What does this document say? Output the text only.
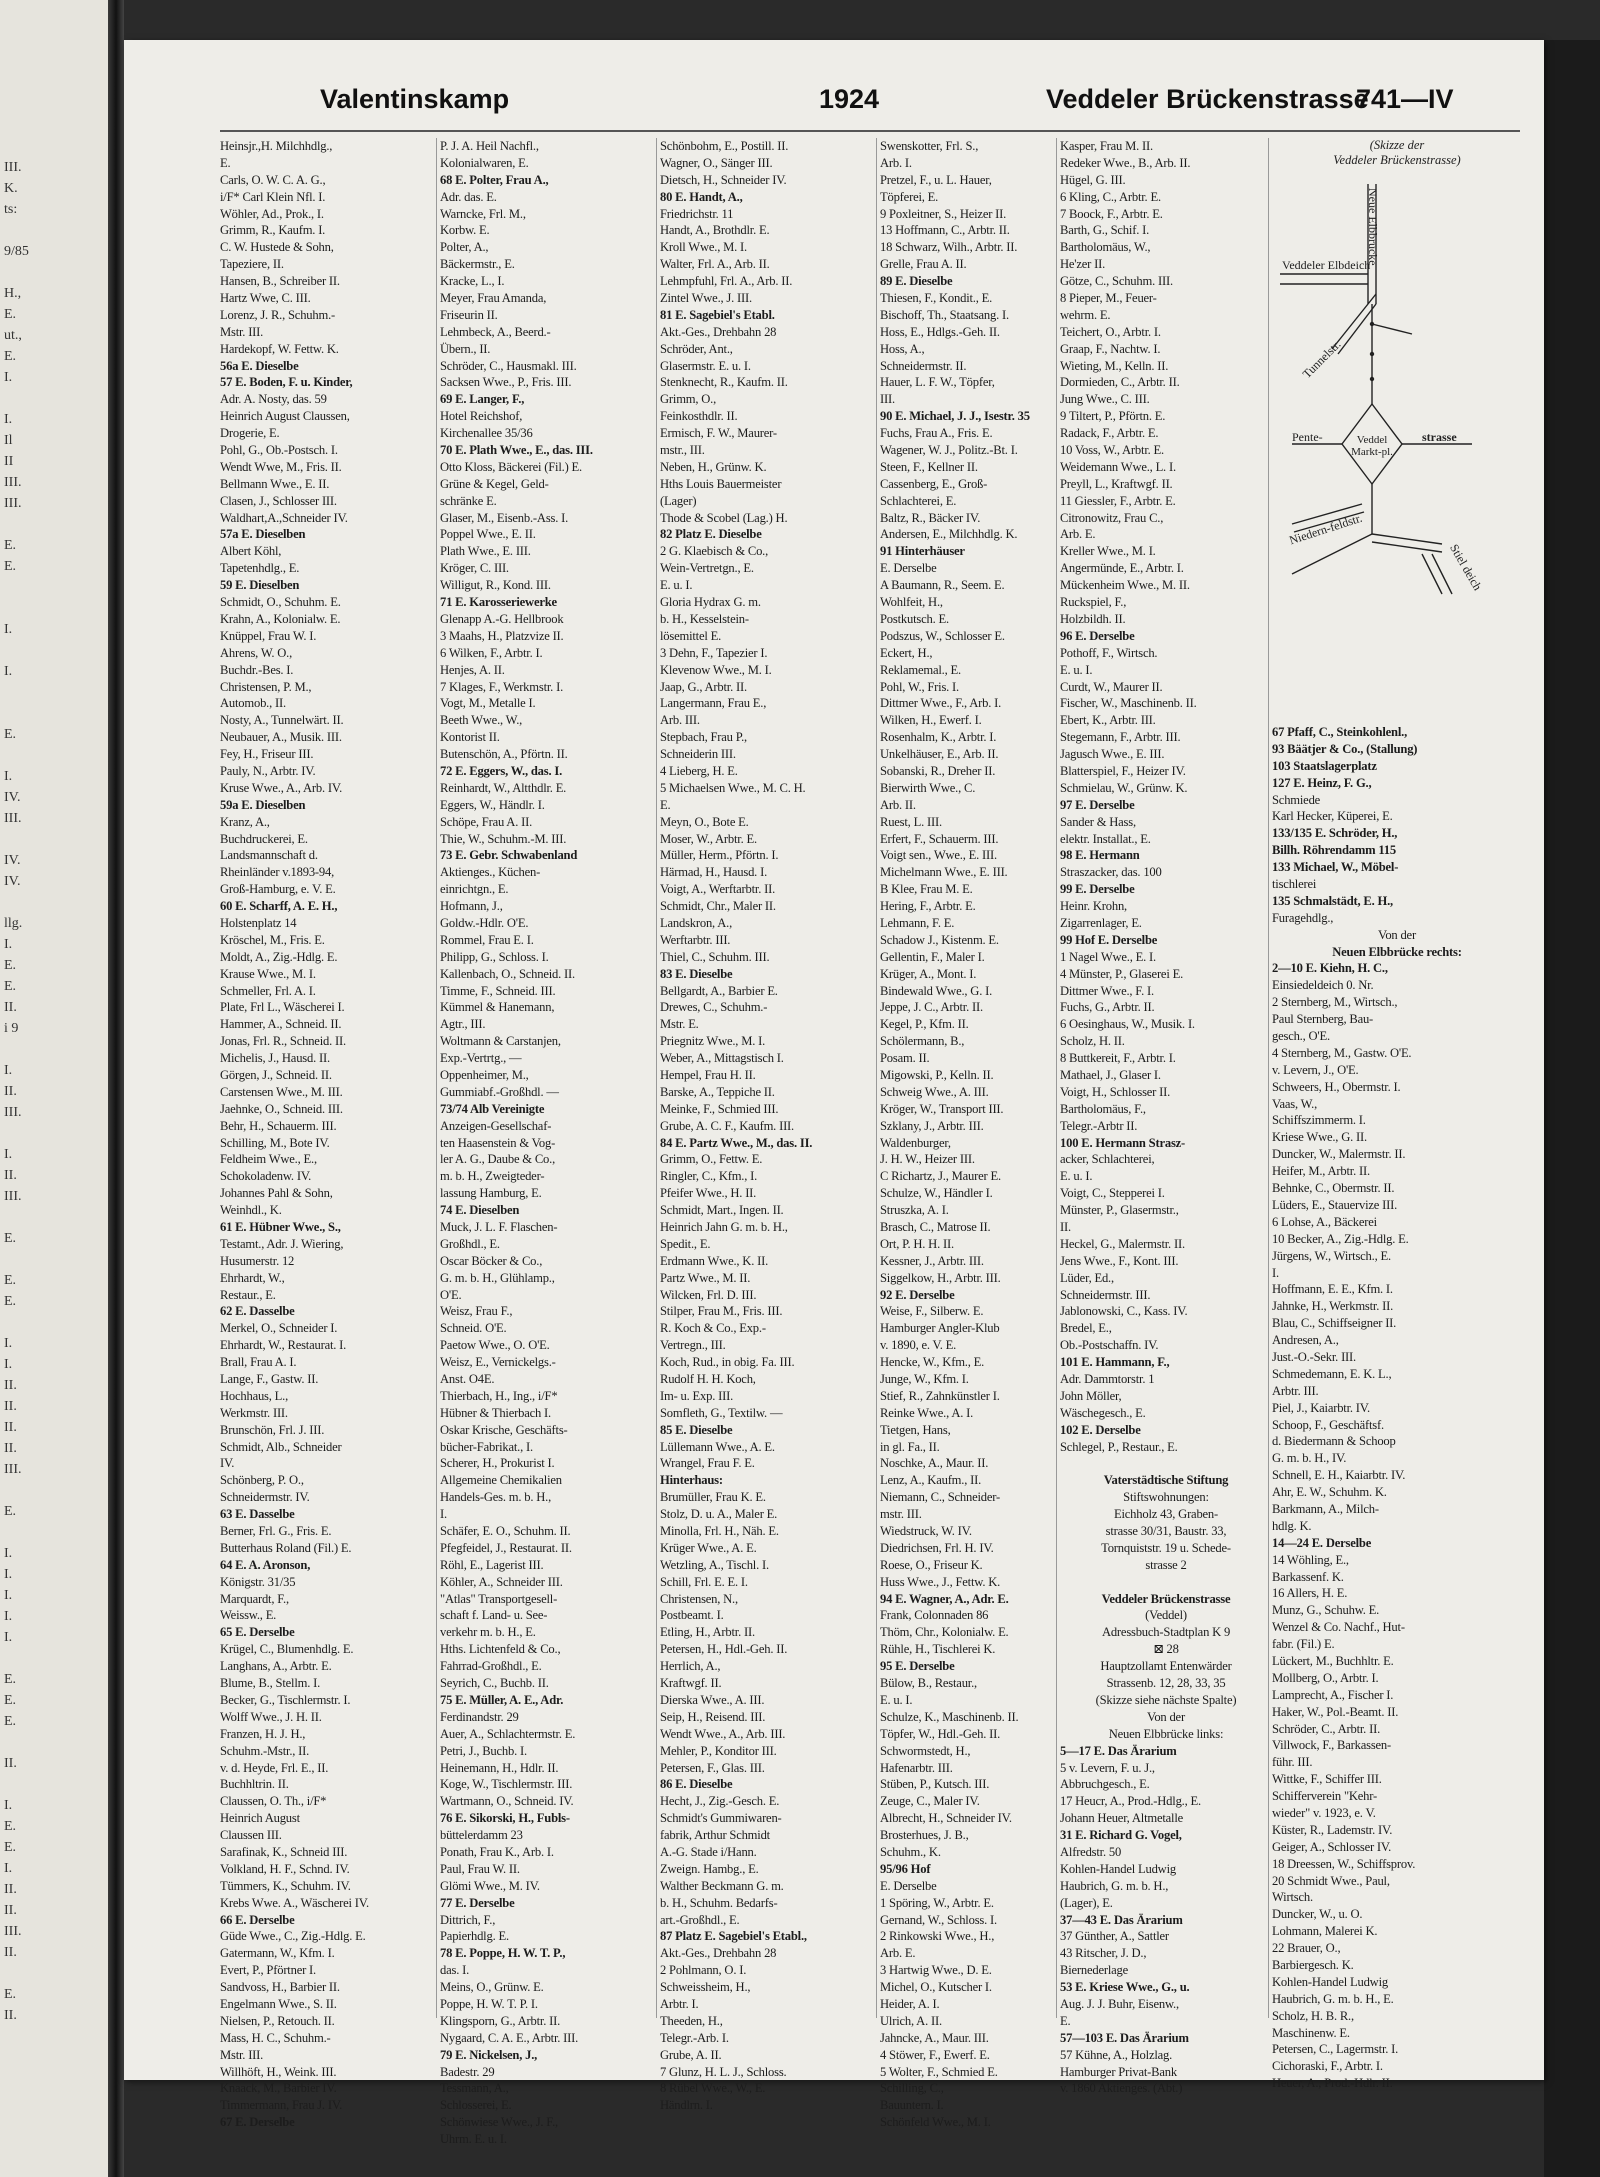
III.
K.
ts:
9/85
H.,
E.
ut.,
E.
I.
I.
Il
II
III.
III.
E.
E.
I.
I.
E.
I.
IV.
III.
IV.
IV.
llg.
I.
E.
E.
II.
i 9
I.
II.
III.
I.
II.
III.
E.
E.
E.
I.
I.
II.
II.
II.
II.
III.
E.
I.
I.
I.
I.
I.
E.
E.
E.
II.
I.
E.
E.
I.
II.
II.
III.
II.
E.
II.
Valentinskamp	1924	Veddeler Brückenstrasse
741—IV
Heinsjr.,H. Milchhdlg.,
E.
Carls, O. W. C. A. G.,
i/F* Carl Klein Nfl. I.
Wöhler, Ad., Prok., I.
Grimm, R., Kaufm. I.
C. W. Hustede & Sohn,
Tapeziere, II.
Hansen, B., Schreiber II.
Hartz Wwe, C. III.
Lorenz, J. R., Schuhm.-
Mstr. III.
Hardekopf, W. Fettw. K.
56a E. Dieselbe
57 E. Boden, F. u. Kinder,
Adr. A. Nosty, das. 59
Heinrich August Claussen,
Drogerie, E.
Pohl, G., Ob.-Postsch. I.
Wendt Wwe, M., Fris. II.
Bellmann Wwe., E. II.
Clasen, J., Schlosser III.
Waldhart,A.,Schneider IV.
57a E. Dieselben
Albert Köhl,
Tapetenhdlg., E.
59 E. Dieselben
Schmidt, O., Schuhm. E.
Krahn, A., Kolonialw. E.
Knüppel, Frau W. I.
Ahrens, W. O.,
Buchdr.-Bes. I.
Christensen, P. M.,
Automob., II.
Nosty, A., Tunnelwärt. II.
Neubauer, A., Musik. III.
Fey, H., Friseur III.
Pauly, N., Arbtr. IV.
Kruse Wwe., A., Arb. IV.
59a E. Dieselben
Kranz, A.,
Buchdruckerei, E.
Landsmannschaft d.
Rheinländer v.1893-94,
Groß-Hamburg, e. V. E.
60 E. Scharff, A. E. H.,
Holstenplatz 14
Kröschel, M., Fris. E.
Moldt, A., Zig.-Hdlg. E.
Krause Wwe., M. I.
Schmeller, Frl. A. I.
Plate, Frl L., Wäscherei I.
Hammer, A., Schneid. II.
Jonas, Frl. R., Schneid. II.
Michelis, J., Hausd. II.
Görgen, J., Schneid. II.
Carstensen Wwe., M. III.
Jaehnke, O., Schneid. III.
Behr, H., Schauerm. III.
Schilling, M., Bote IV.
Feldheim Wwe., E.,
Schokoladenw. IV.
Johannes Pahl & Sohn,
Weinhdl., K.
61 E. Hübner Wwe., S.,
Testamt., Adr. J. Wiering,
Husumerstr. 12
Ehrhardt, W.,
Restaur., E.
62 E. Dasselbe
Merkel, O., Schneider I.
Ehrhardt, W., Restaurat. I.
Brall, Frau A. I.
Lange, F., Gastw. II.
Hochhaus, L.,
Werkmstr. III.
Brunschön, Frl. J. III.
Schmidt, Alb., Schneider
IV.
Schönberg, P. O.,
Schneidermstr. IV.
63 E. Dasselbe
Berner, Frl. G., Fris. E.
Butterhaus Roland (Fil.) E.
64 E. A. Aronson,
Königstr. 31/35
Marquardt, F.,
Weissw., E.
65 E. Derselbe
Krügel, C., Blumenhdlg. E.
Langhans, A., Arbtr. E.
Blume, B., Stellm. I.
Becker, G., Tischlermstr. I.
Wolff Wwe., J. H. II.
Franzen, H. J. H.,
Schuhm.-Mstr., II.
v. d. Heyde, Frl. E., II.
Buchhltrin. II.
Claussen, O. Th., i/F*
Heinrich August
Claussen III.
Sarafinak, K., Schneid III.
Volkland, H. F., Schnd. IV.
Tümmers, K., Schuhm. IV.
Krebs Wwe. A., Wäscherei IV.
66 E. Derselbe
Güde Wwe., C., Zig.-Hdlg. E.
Gatermann, W., Kfm. I.
Evert, P., Pförtner I.
Sandvoss, H., Barbier II.
Engelmann Wwe., S. II.
Nielsen, P., Retouch. II.
Mass, H. C., Schuhm.-
Mstr. III.
Willhöft, H., Weink. III.
Knaack, M., Barbier IV.
Timmermann, Frau J. IV.
67 E. Derselbe
P. J. A. Heil Nachfl.,
Kolonialwaren, E.
68 E. Polter, Frau A.,
Adr. das. E.
Warncke, Frl. M.,
Korbw. E.
Polter, A.,
Bäckermstr., E.
Kracke, L., I.
Meyer, Frau Amanda,
Friseurin II.
Lehmbeck, A., Beerd.-
Übern., II.
Schröder, C., Hausmakl. III.
Sacksen Wwe., P., Fris. III.
69 E. Langer, F.,
Hotel Reichshof,
Kirchenallee 35/36
70 E. Plath Wwe., E., das. III.
Otto Kloss, Bäckerei (Fil.) E.
Grüne & Kegel, Geld-
schränke E.
Glaser, M., Eisenb.-Ass. I.
Poppel Wwe., E. II.
Plath Wwe., E. III.
Kröger, C. III.
Willigut, R., Kond. III.
71 E. Karosseriewerke
Glenapp A.-G. Hellbrook
3 Maahs, H., Platzvize II.
6 Wilken, F., Arbtr. I.
Henjes, A. II.
7 Klages, F., Werkmstr. I.
Vogt, M., Metalle I.
Beeth Wwe., W.,
Kontorist II.
Butenschön, A., Pförtn. II.
72 E. Eggers, W., das. I.
Reinhardt, W., Altthdlr. E.
Eggers, W., Händlr. I.
Schöpe, Frau A. II.
Thie, W., Schuhm.-M. III.
73 E. Gebr. Schwabenland
Aktienges., Küchen-
einrichtgn., E.
Hofmann, J.,
Goldw.-Hdlr. O'E.
Rommel, Frau E. I.
Philipp, G., Schloss. I.
Kallenbach, O., Schneid. II.
Timme, F., Schneid. III.
Kümmel & Hanemann,
Agtr., III.
Woltmann & Carstanjen,
Exp.-Vertrtg., —
Oppenheimer, M.,
Gummiabf.-Großhdl. —
73/74 Alb Vereinigte
Anzeigen-Gesellschaf-
ten Haasenstein & Vog-
ler A. G., Daube & Co.,
m. b. H., Zweigteder-
lassung Hamburg, E.
74 E. Dieselben
Muck, J. L. F. Flaschen-
Großhdl., E.
Oscar Böcker & Co.,
G. m. b. H., Glühlamp.,
O'E.
Weisz, Frau F.,
Schneid. O'E.
Paetow Wwe., O. O'E.
Weisz, E., Vernickelgs.-
Anst. O4E.
Thierbach, H., Ing., i/F*
Hübner & Thierbach I.
Oskar Krische, Geschäfts-
bücher-Fabrikat., I.
Scherer, H., Prokurist I.
Allgemeine Chemikalien
Handels-Ges. m. b. H.,
I.
Schäfer, E. O., Schuhm. II.
Pfegfeidel, J., Restaurat. II.
Röhl, E., Lagerist III.
Köhler, A., Schneider III.
"Atlas" Transportgesell-
schaft f. Land- u. See-
verkehr m. b. H., E.
Hths. Lichtenfeld & Co.,
Fahrrad-Großhdl., E.
Seyrich, C., Buchb. II.
75 E. Müller, A. E., Adr.
Ferdinandstr. 29
Auer, A., Schlachtermstr. E.
Petri, J., Buchb. I.
Heinemann, H., Hdlr. II.
Koge, W., Tischlermstr. III.
Wartmann, O., Schneid. IV.
76 E. Sikorski, H., Fubls-
büttelerdamm 23
Ponath, Frau K., Arb. I.
Paul, Frau W. II.
Glömi Wwe., M. IV.
77 E. Derselbe
Dittrich, F.,
Papierhdlg. E.
78 E. Poppe, H. W. T. P.,
das. I.
Meins, O., Grünw. E.
Poppe, H. W. T. P. I.
Klingsporn, G., Arbtr. II.
Nygaard, C. A. E., Arbtr. III.
79 E. Nickelsen, J.,
Badestr. 29
Tessmann, A.,
Schlosserei, E.
Schönwiese Wwe., J. F.,
Uhrm. E. u. I.
Schönbohm, E., Postill. II.
Wagner, O., Sänger III.
Dietsch, H., Schneider IV.
80 E. Handt, A.,
Friedrichstr. 11
Handt, A., Brothdlr. E.
Kroll Wwe., M. I.
Walter, Frl. A., Arb. II.
Lehmpfuhl, Frl. A., Arb. II.
Zintel Wwe., J. III.
81 E. Sagebiel's Etabl.
Akt.-Ges., Drehbahn 28
Schröder, Ant.,
Glasermstr. E. u. I.
Stenknecht, R., Kaufm. II.
Grimm, O.,
Feinkosthdlr. II.
Ermisch, F. W., Maurer-
mstr., III.
Neben, H., Grünw. K.
Hths Louis Bauermeister
(Lager)
Thode & Scobel (Lag.) H.
82 Platz E. Dieselbe
2 G. Klaebisch & Co.,
Wein-Vertretgn., E.
E. u. I.
Gloria Hydrax G. m.
b. H., Kesselstein-
lösemittel E.
3 Dehn, F., Tapezier I.
Klevenow Wwe., M. I.
Jaap, G., Arbtr. II.
Langermann, Frau E.,
Arb. III.
Stepbach, Frau P.,
Schneiderin III.
4 Lieberg, H. E.
5 Michaelsen Wwe., M. C. H.
E.
Meyn, O., Bote E.
Moser, W., Arbtr. E.
Müller, Herm., Pförtn. I.
Härmad, H., Hausd. I.
Voigt, A., Werftarbtr. II.
Schmidt, Chr., Maler II.
Landskron, A.,
Werftarbtr. III.
Thiel, C., Schuhm. III.
83 E. Dieselbe
Bellgardt, A., Barbier E.
Drewes, C., Schuhm.-
Mstr. E.
Priegnitz Wwe., M. I.
Weber, A., Mittagstisch I.
Hempel, Frau H. II.
Barske, A., Teppiche II.
Meinke, F., Schmied III.
Grube, A. C. F., Kaufm. III.
84 E. Partz Wwe., M., das. II.
Grimm, O., Fettw. E.
Ringler, C., Kfm., I.
Pfeifer Wwe., H. II.
Schmidt, Mart., Ingen. II.
Heinrich Jahn G. m. b. H.,
Spedit., E.
Erdmann Wwe., K. II.
Partz Wwe., M. II.
Wilcken, Frl. D. III.
Stilper, Frau M., Fris. III.
R. Koch & Co., Exp.-
Vertregn., III.
Koch, Rud., in obig. Fa. III.
Rudolf H. H. Koch,
Im- u. Exp. III.
Somfleth, G., Textilw. —
85 E. Dieselbe
Lüllemann Wwe., A. E.
Wrangel, Frau F. E.
Hinterhaus:
Brumüller, Frau K. E.
Stolz, D. u. A., Maler E.
Minolla, Frl. H., Näh. E.
Krüger Wwe., A. E.
Wetzling, A., Tischl. I.
Schill, Frl. E. E. I.
Christensen, N.,
Postbeamt. I.
Etling, H., Arbtr. II.
Petersen, H., Hdl.-Geh. II.
Herrlich, A.,
Kraftwgf. II.
Dierska Wwe., A. III.
Seip, H., Reisend. III.
Wendt Wwe., A., Arb. III.
Mehler, P., Konditor III.
Petersen, F., Glas. III.
86 E. Dieselbe
Hecht, J., Zig.-Gesch. E.
Schmidt's Gummiwaren-
fabrik, Arthur Schmidt
A.-G. Stade i/Hann.
Zweign. Hambg., E.
Walther Beckmann G. m.
b. H., Schuhm. Bedarfs-
art.-Großhdl., E.
87 Platz E. Sagebiel's Etabl.,
Akt.-Ges., Drehbahn 28
2 Pohlmann, O. I.
Schweissheim, H.,
Arbtr. I.
Theeden, H.,
Telegr.-Arb. I.
Grube, A. II.
7 Glunz, H. L. J., Schloss.
8 Rübel Wwe., W., E.
Händlrn. I.
Swenskotter, Frl. S.,
Arb. I.
Pretzel, F., u. L. Hauer,
Töpferei, E.
9 Poxleitner, S., Heizer II.
13 Hoffmann, C., Arbtr. II.
18 Schwarz, Wilh., Arbtr. II.
Grelle, Frau A. II.
89 E. Dieselbe
Thiesen, F., Kondit., E.
Bischoff, Th., Staatsang. I.
Hoss, E., Hdlgs.-Geh. II.
Hoss, A.,
Schneidermstr. II.
Hauer, L. F. W., Töpfer,
III.
90 E. Michael, J. J., Isestr. 35
Fuchs, Frau A., Fris. E.
Wagener, W. J., Politz.-Bt. I.
Steen, F., Kellner II.
Cassenberg, E., Groß-
Schlachterei, E.
Baltz, R., Bäcker IV.
Andersen, E., Milchhdlg. K.
91 Hinterhäuser
E. Derselbe
A Baumann, R., Seem. E.
Wohlfeit, H.,
Postkutsch. E.
Podszus, W., Schlosser E.
Eckert, H.,
Reklamemal., E.
Pohl, W., Fris. I.
Dittmer Wwe., F., Arb. I.
Wilken, H., Ewerf. I.
Rosenhalm, K., Arbtr. I.
Unkelhäuser, E., Arb. II.
Sobanski, R., Dreher II.
Bierwirth Wwe., C.
Arb. II.
Ruest, L. III.
Erfert, F., Schauerm. III.
Voigt sen., Wwe., E. III.
Michelmann Wwe., E. III.
B Klee, Frau M. E.
Hering, F., Arbtr. E.
Lehmann, F. E.
Schadow J., Kistenm. E.
Gellentin, F., Maler I.
Krüger, A., Mont. I.
Bindewald Wwe., G. I.
Jeppe, J. C., Arbtr. II.
Kegel, P., Kfm. II.
Schölermann, B.,
Posam. II.
Migowski, P., Kelln. II.
Schweig Wwe., A. III.
Kröger, W., Transport III.
Szklany, J., Arbtr. III.
Waldenburger,
J. H. W., Heizer III.
C Richartz, J., Maurer E.
Schulze, W., Händler I.
Struszka, A. I.
Brasch, C., Matrose II.
Ort, P. H. H. II.
Kessner, J., Arbtr. III.
Siggelkow, H., Arbtr. III.
92 E. Derselbe
Weise, F., Silberw. E.
Hamburger Angler-Klub
v. 1890, e. V. E.
Hencke, W., Kfm., E.
Junge, W., Kfm. I.
Stief, R., Zahnkünstler I.
Reinke Wwe., A. I.
Tietgen, Hans,
in gl. Fa., II.
Noschke, A., Maur. II.
Lenz, A., Kaufm., II.
Niemann, C., Schneider-
mstr. III.
Wiedstruck, W. IV.
Diedrichsen, Frl. H. IV.
Roese, O., Friseur K.
Huss Wwe., J., Fettw. K.
94 E. Wagner, A., Adr. E.
Frank, Colonnaden 86
Thöm, Chr., Kolonialw. E.
Rühle, H., Tischlerei K.
95 E. Derselbe
Bülow, B., Restaur.,
E. u. I.
Schulze, K., Maschinenb. II.
Töpfer, W., Hdl.-Geh. II.
Schwormstedt, H.,
Hafenarbtr. III.
Stüben, P., Kutsch. III.
Zeuge, C., Maler IV.
Albrecht, H., Schneider IV.
Brosterhues, J. B.,
Schuhm., K.
95/96 Hof
E. Derselbe
1 Spöring, W., Arbtr. E.
Gernand, W., Schloss. I.
2 Rinkowski Wwe., H.,
Arb. E.
3 Hartwig Wwe., D. E.
Michel, O., Kutscher I.
Heider, A. I.
Ulrich, A. II.
Jahncke, A., Maur. III.
4 Stöwer, F., Ewerf. E.
5 Wolter, F., Schmied E.
Schilling, C.,
Bauuntern. I.
Schönfeld Wwe., M. I.
Kasper, Frau M. II.
Redeker Wwe., B., Arb. II.
Hügel, G. III.
6 Kling, C., Arbtr. E.
7 Boock, F., Arbtr. E.
Barth, G., Schif. I.
Bartholomäus, W.,
He'zer II.
Götze, C., Schuhm. III.
8 Pieper, M., Feuer-
wehrm. E.
Teichert, O., Arbtr. I.
Graap, F., Nachtw. I.
Wieting, M., Kelln. II.
Dormieden, C., Arbtr. II.
Jung Wwe., C. III.
9 Tiltert, P., Pförtn. E.
Radack, F., Arbtr. E.
10 Voss, W., Arbtr. E.
Weidemann Wwe., L. I.
Preyll, L., Kraftwgf. II.
11 Giessler, F., Arbtr. E.
Citronowitz, Frau C.,
Arb. E.
Kreller Wwe., M. I.
Angermünde, E., Arbtr. I.
Mückenheim Wwe., M. II.
Ruckspiel, F.,
Holzbildh. II.
96 E. Derselbe
Pothoff, F., Wirtsch.
E. u. I.
Curdt, W., Maurer II.
Fischer, W., Maschinenb. II.
Ebert, K., Arbtr. III.
Stegemann, F., Arbtr. III.
Jagusch Wwe., E. III.
Blatterspiel, F., Heizer IV.
Schmielau, W., Grünw. K.
97 E. Derselbe
Sander & Hass,
elektr. Installat., E.
98 E. Hermann
Straszacker, das. 100
99 E. Derselbe
Heinr. Krohn,
Zigarrenlager, E.
99 Hof E. Derselbe
1 Nagel Wwe., E. I.
4 Münster, P., Glaserei E.
Dittmer Wwe., F. I.
Fuchs, G., Arbtr. II.
6 Oesinghaus, W., Musik. I.
Scholz, H. II.
8 Buttkereit, F., Arbtr. I.
Mathael, J., Glaser I.
Voigt, H., Schlosser II.
Bartholomäus, F.,
Telegr.-Arbtr II.
100 E. Hermann Strasz-
acker, Schlachterei,
E. u. I.
Voigt, C., Stepperei I.
Münster, P., Glasermstr.,
II.
Heckel, G., Malermstr. II.
Jens Wwe., F., Kont. III.
Lüder, Ed.,
Schneidermstr. III.
Jablonowski, C., Kass. IV.
Bredel, E.,
Ob.-Postschaffn. IV.
101 E. Hammann, F.,
Adr. Dammtorstr. 1
John Möller,
Wäschegesch., E.
102 E. Derselbe
Schlegel, P., Restaur., E.
Vaterstädtische Stiftung
Stiftswohnungen:
Eichholz 43, Graben-
strasse 30/31, Baustr. 33,
Tornquiststr. 19 u. Schede-
strasse 2
Veddeler Brückenstrasse
(Veddel)
Adressbuch-Stadtplan K 9
⊠ 28
Hauptzollamt Entenwärder
Strassenb. 12, 28, 33, 35
(Skizze siehe nächste Spalte)
Von der
Neuen Elbbrücke links:
5—17 E. Das Ärarium
5 v. Levern, F. u. J.,
Abbruchgesch., E.
17 Heucr, A., Prod.-Hdlg., E.
Johann Heuer, Altmetalle
31 E. Richard G. Vogel,
Alfredstr. 50
Kohlen-Handel Ludwig
Haubrich, G. m. b. H.,
(Lager), E.
37—43 E. Das Ärarium
37 Günther, A., Sattler
43 Ritscher, J. D.,
Biernederlage
53 E. Kriese Wwe., G., u.
Aug. J. J. Buhr, Eisenw.,
E.
57—103 E. Das Ärarium
57 Kühne, A., Holzlag.
Hamburger Privat-Bank
v. 1860 Aktienges. (Abt.)
(Skizze der
Veddeler Brückenstrasse)
Neue Elbbrücke
Veddeler Elbdeich
Tunnelstr.
Pente-	Veddel Markt-pl.
strasse
Niedern-feldstr.
Stiel deich
67 Pfaff, C., Steinkohlenl.,
93 Bäätjer & Co., (Stallung)
103 Staatslagerplatz
127 E. Heinz, F. G.,
Schmiede
Karl Hecker, Küperei, E.
133/135 E. Schröder, H.,
Billh. Röhrendamm 115
133 Michael, W., Möbel-
tischlerei
135 Schmalstädt, E. H.,
Furagehdlg.,
Von der
Neuen Elbbrücke rechts:
2—10 E. Kiehn, H. C.,
Einsiedeldeich 0. Nr.
2 Sternberg, M., Wirtsch.,
Paul Sternberg, Bau-
gesch., O'E.
4 Sternberg, M., Gastw. O'E.
v. Levern, J., O'E.
Schweers, H., Obermstr. I.
Vaas, W.,
Schiffszimmerm. I.
Kriese Wwe., G. II.
Duncker, W., Malermstr. II.
Heifer, M., Arbtr. II.
Behnke, C., Obermstr. II.
Lüders, E., Stauervize III.
6 Lohse, A., Bäckerei
10 Becker, A., Zig.-Hdlg. E.
Jürgens, W., Wirtsch., E.
I.
Hoffmann, E. E., Kfm. I.
Jahnke, H., Werkmstr. II.
Blau, C., Schiffseigner II.
Andresen, A.,
Just.-O.-Sekr. III.
Schmedemann, E. K. L.,
Arbtr. III.
Piel, J., Kaiarbtr. IV.
Schoop, F., Geschäftsf.
d. Biedermann & Schoop
G. m. b. H., IV.
Schnell, E. H., Kaiarbtr. IV.
Ahr, E. W., Schuhm. K.
Barkmann, A., Milch-
hdlg. K.
14—24 E. Derselbe
14 Wöhling, E.,
Barkassenf. K.
16 Allers, H. E.
Munz, G., Schuhw. E.
Wenzel & Co. Nachf., Hut-
fabr. (Fil.) E.
Lückert, M., Buchhltr. E.
Mollberg, O., Arbtr. I.
Lamprecht, A., Fischer I.
Haker, W., Pol.-Beamt. II.
Schröder, C., Arbtr. II.
Villwock, F., Barkassen-
führ. III.
Wittke, F., Schiffer III.
Schifferverein "Kehr-
wieder" v. 1923, e. V.
Küster, R., Lademstr. IV.
Geiger, A., Schlosser IV.
18 Dreessen, W., Schiffsprov.
20 Schmidt Wwe., Paul,
Wirtsch.
Duncker, W., u. O.
Lohmann, Malerei K.
22 Brauer, O.,
Barbiergesch. K.
Kohlen-Handel Ludwig
Haubrich, G. m. b. H., E.
Scholz, H. B. R.,
Maschinenw. E.
Petersen, C., Lagermstr. I.
Cichoraski, F., Arbtr. I.
Heuer, A., Prod.-Hdlr. II.
